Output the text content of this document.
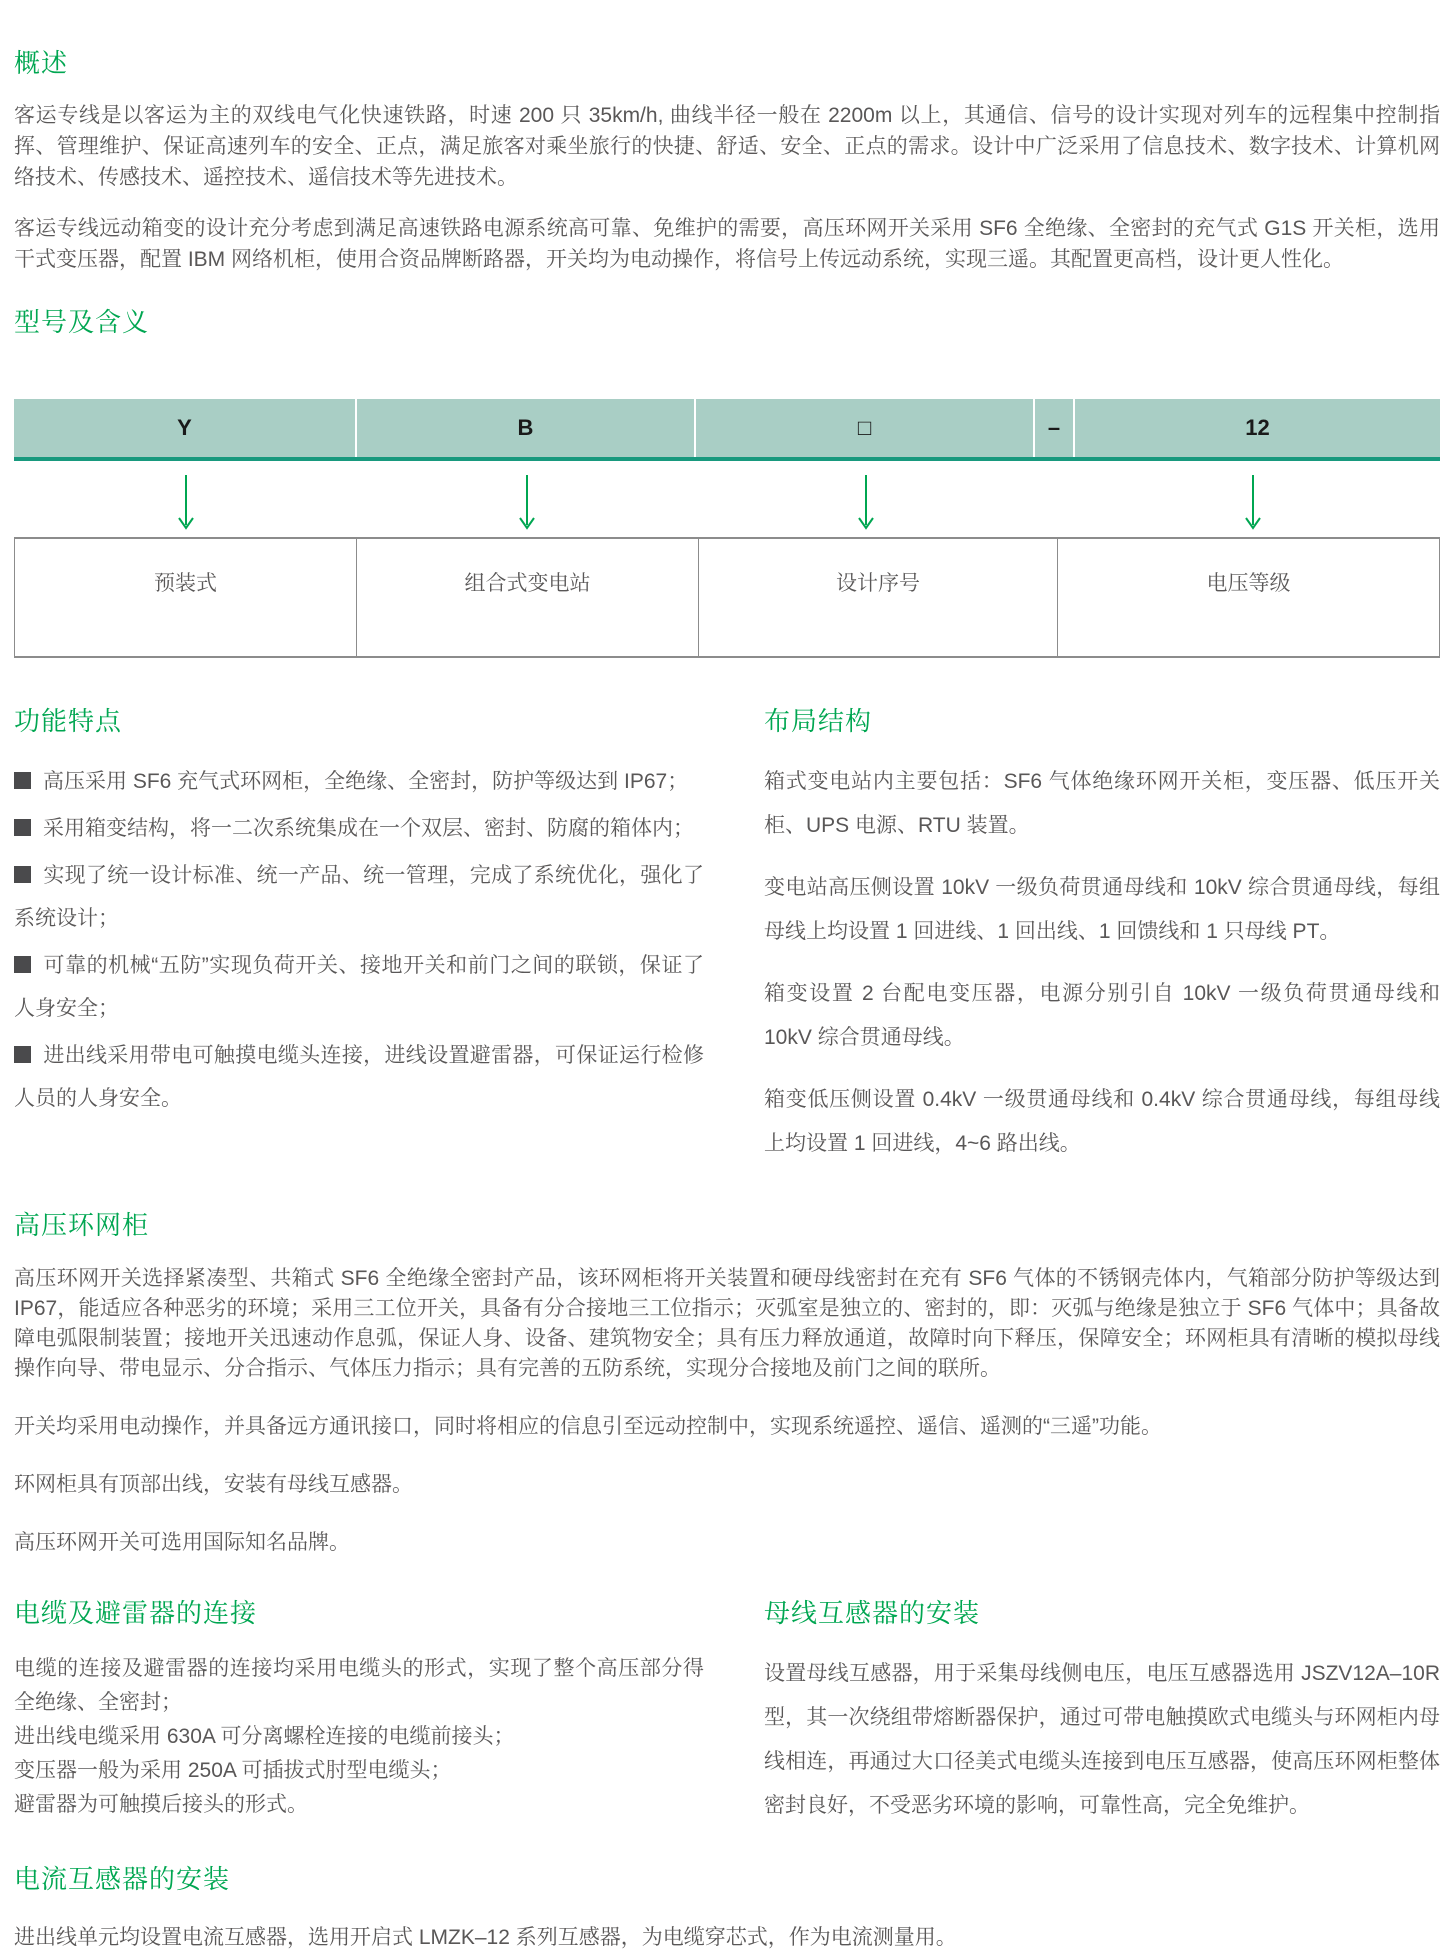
概述

客运专线是以客运为主的双线电气化快速铁路，时速 200 只 35km/h, 曲线半径一般在 2200m 以上，其通信、信号的设计实现对列车的远程集中控制指挥、管理维护、保证高速列车的安全、正点，满足旅客对乘坐旅行的快捷、舒适、安全、正点的需求。设计中广泛采用了信息技术、数字技术、计算机网络技术、传感技术、遥控技术、遥信技术等先进技术。

客运专线远动箱变的设计充分考虑到满足高速铁路电源系统高可靠、免维护的需要，高压环网开关采用 SF6 全绝缘、全密封的充气式 G1S 开关柜，选用干式变压器，配置 IBM 网络机柜，使用合资品牌断路器，开关均为电动操作，将信号上传远动系统，实现三遥。其配置更高档，设计更人性化。

型号及含义
Y	B	□	–	12
预装式	组合式变电站	设计序号	电压等级
功能特点
高压采用 SF6 充气式环网柜，全绝缘、全密封，防护等级达到 IP67；
采用箱变结构，将一二次系统集成在一个双层、密封、防腐的箱体内；
实现了统一设计标准、统一产品、统一管理，完成了系统优化，强化了系统设计；
可靠的机械“五防”实现负荷开关、接地开关和前门之间的联锁，保证了人身安全；
进出线采用带电可触摸电缆头连接，进线设置避雷器，可保证运行检修人员的人身安全。
布局结构

箱式变电站内主要包括：SF6 气体绝缘环网开关柜，变压器、低压开关柜、UPS 电源、RTU 装置。

变电站高压侧设置 10kV 一级负荷贯通母线和 10kV 综合贯通母线，每组母线上均设置 1 回进线、1 回出线、1 回馈线和 1 只母线 PT。

箱变设置 2 台配电变压器，电源分别引自 10kV 一级负荷贯通母线和 10kV 综合贯通母线。

箱变低压侧设置 0.4kV 一级贯通母线和 0.4kV 综合贯通母线，每组母线上均设置 1 回进线，4~6 路出线。

高压环网柜

高压环网开关选择紧凑型、共箱式 SF6 全绝缘全密封产品，该环网柜将开关装置和硬母线密封在充有 SF6 气体的不锈钢壳体内，气箱部分防护等级达到 IP67，能适应各种恶劣的环境；采用三工位开关，具备有分合接地三工位指示；灭弧室是独立的、密封的，即：灭弧与绝缘是独立于 SF6 气体中；具备故障电弧限制装置；接地开关迅速动作息弧，保证人身、设备、建筑物安全；具有压力释放通道，故障时向下释压，保障安全；环网柜具有清晰的模拟母线操作向导、带电显示、分合指示、气体压力指示；具有完善的五防系统，实现分合接地及前门之间的联所。

开关均采用电动操作，并具备远方通讯接口，同时将相应的信息引至远动控制中，实现系统遥控、遥信、遥测的“三遥”功能。

环网柜具有顶部出线，安装有母线互感器。

高压环网开关可选用国际知名品牌。

电缆及避雷器的连接
电缆的连接及避雷器的连接均采用电缆头的形式，实现了整个高压部分得全绝缘、全密封；
进出线电缆采用 630A 可分离螺栓连接的电缆前接头；
变压器一般为采用 250A 可插拔式肘型电缆头；
避雷器为可触摸后接头的形式。
母线互感器的安装
设置母线互感器，用于采集母线侧电压，电压互感器选用 JSZV12A–10R 型，其一次绕组带熔断器保护，通过可带电触摸欧式电缆头与环网柜内母线相连，再通过大口径美式电缆头连接到电压互感器，使高压环网柜整体密封良好，不受恶劣环境的影响，可靠性高，完全免维护。
电流互感器的安装
进出线单元均设置电流互感器，选用开启式 LMZK–12 系列互感器，为电缆穿芯式，作为电流测量用。
